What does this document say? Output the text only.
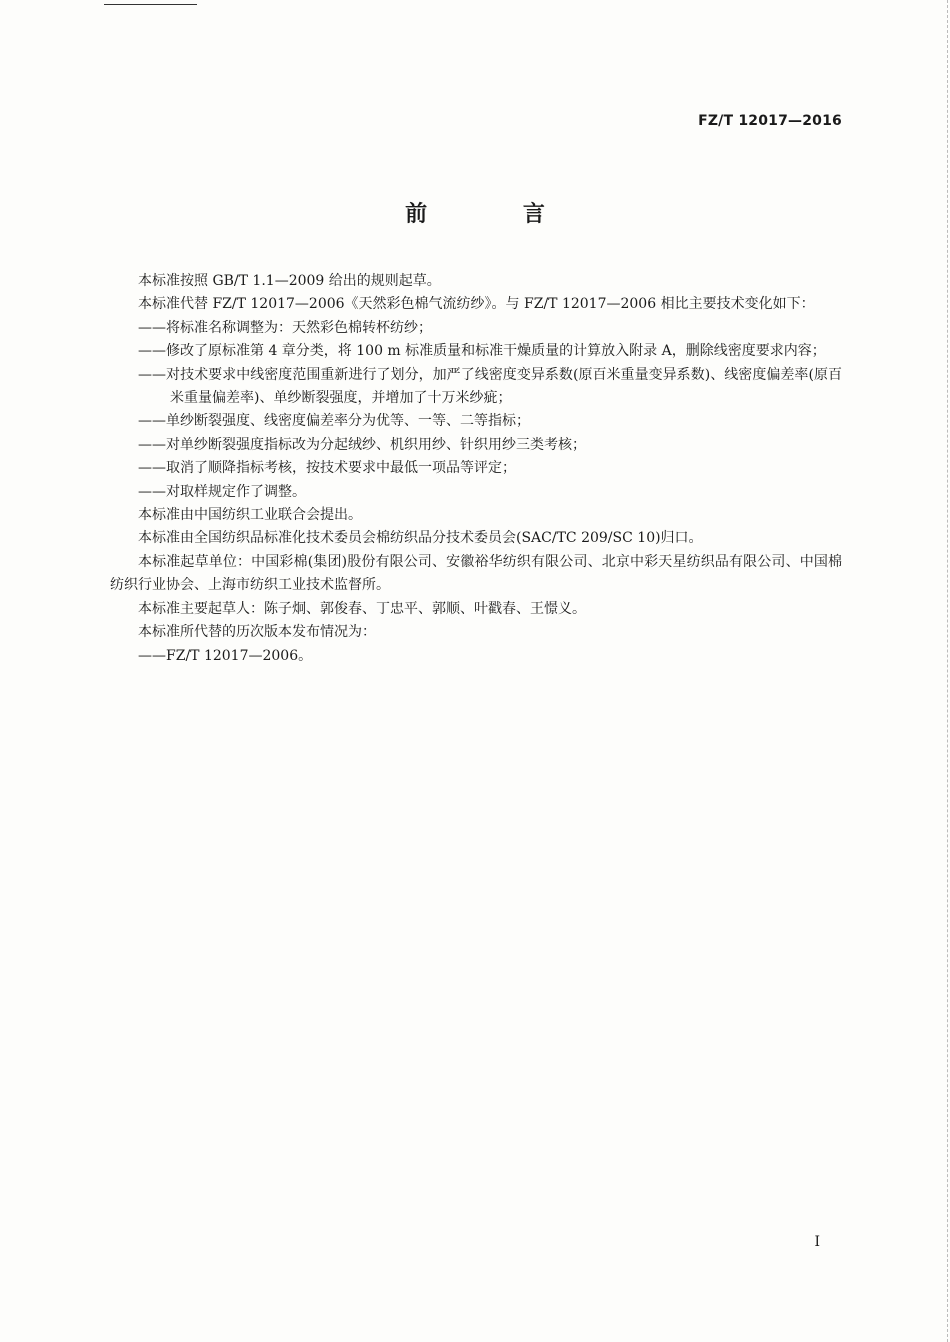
FZ/T 12017—2016
前 言

本标准按照 GB/T 1.1—2009 给出的规则起草。

本标准代替 FZ/T 12017—2006《天然彩色棉气流纺纱》。与 FZ/T 12017—2006 相比主要技术变化如下：

——将标准名称调整为：天然彩色棉转杯纺纱；

——修改了原标准第 4 章分类，将 100 m 标准质量和标准干燥质量的计算放入附录 A，删除线密度要求内容；

——对技术要求中线密度范围重新进行了划分，加严了线密度变异系数(原百米重量变异系数)、线密度偏差率(原百米重量偏差率)、单纱断裂强度，并增加了十万米纱疵；

——单纱断裂强度、线密度偏差率分为优等、一等、二等指标；

——对单纱断裂强度指标改为分起绒纱、机织用纱、针织用纱三类考核；

——取消了顺降指标考核，按技术要求中最低一项品等评定；

——对取样规定作了调整。

本标准由中国纺织工业联合会提出。

本标准由全国纺织品标准化技术委员会棉纺织品分技术委员会(SAC/TC 209/SC 10)归口。

本标准起草单位：中国彩棉(集团)股份有限公司、安徽裕华纺织有限公司、北京中彩天星纺织品有限公司、中国棉纺织行业协会、上海市纺织工业技术监督所。

本标准主要起草人：陈子炯、郭俊春、丁忠平、郭顺、叶戳春、王憬义。

本标准所代替的历次版本发布情况为：

——FZ/T 12017—2006。

I
